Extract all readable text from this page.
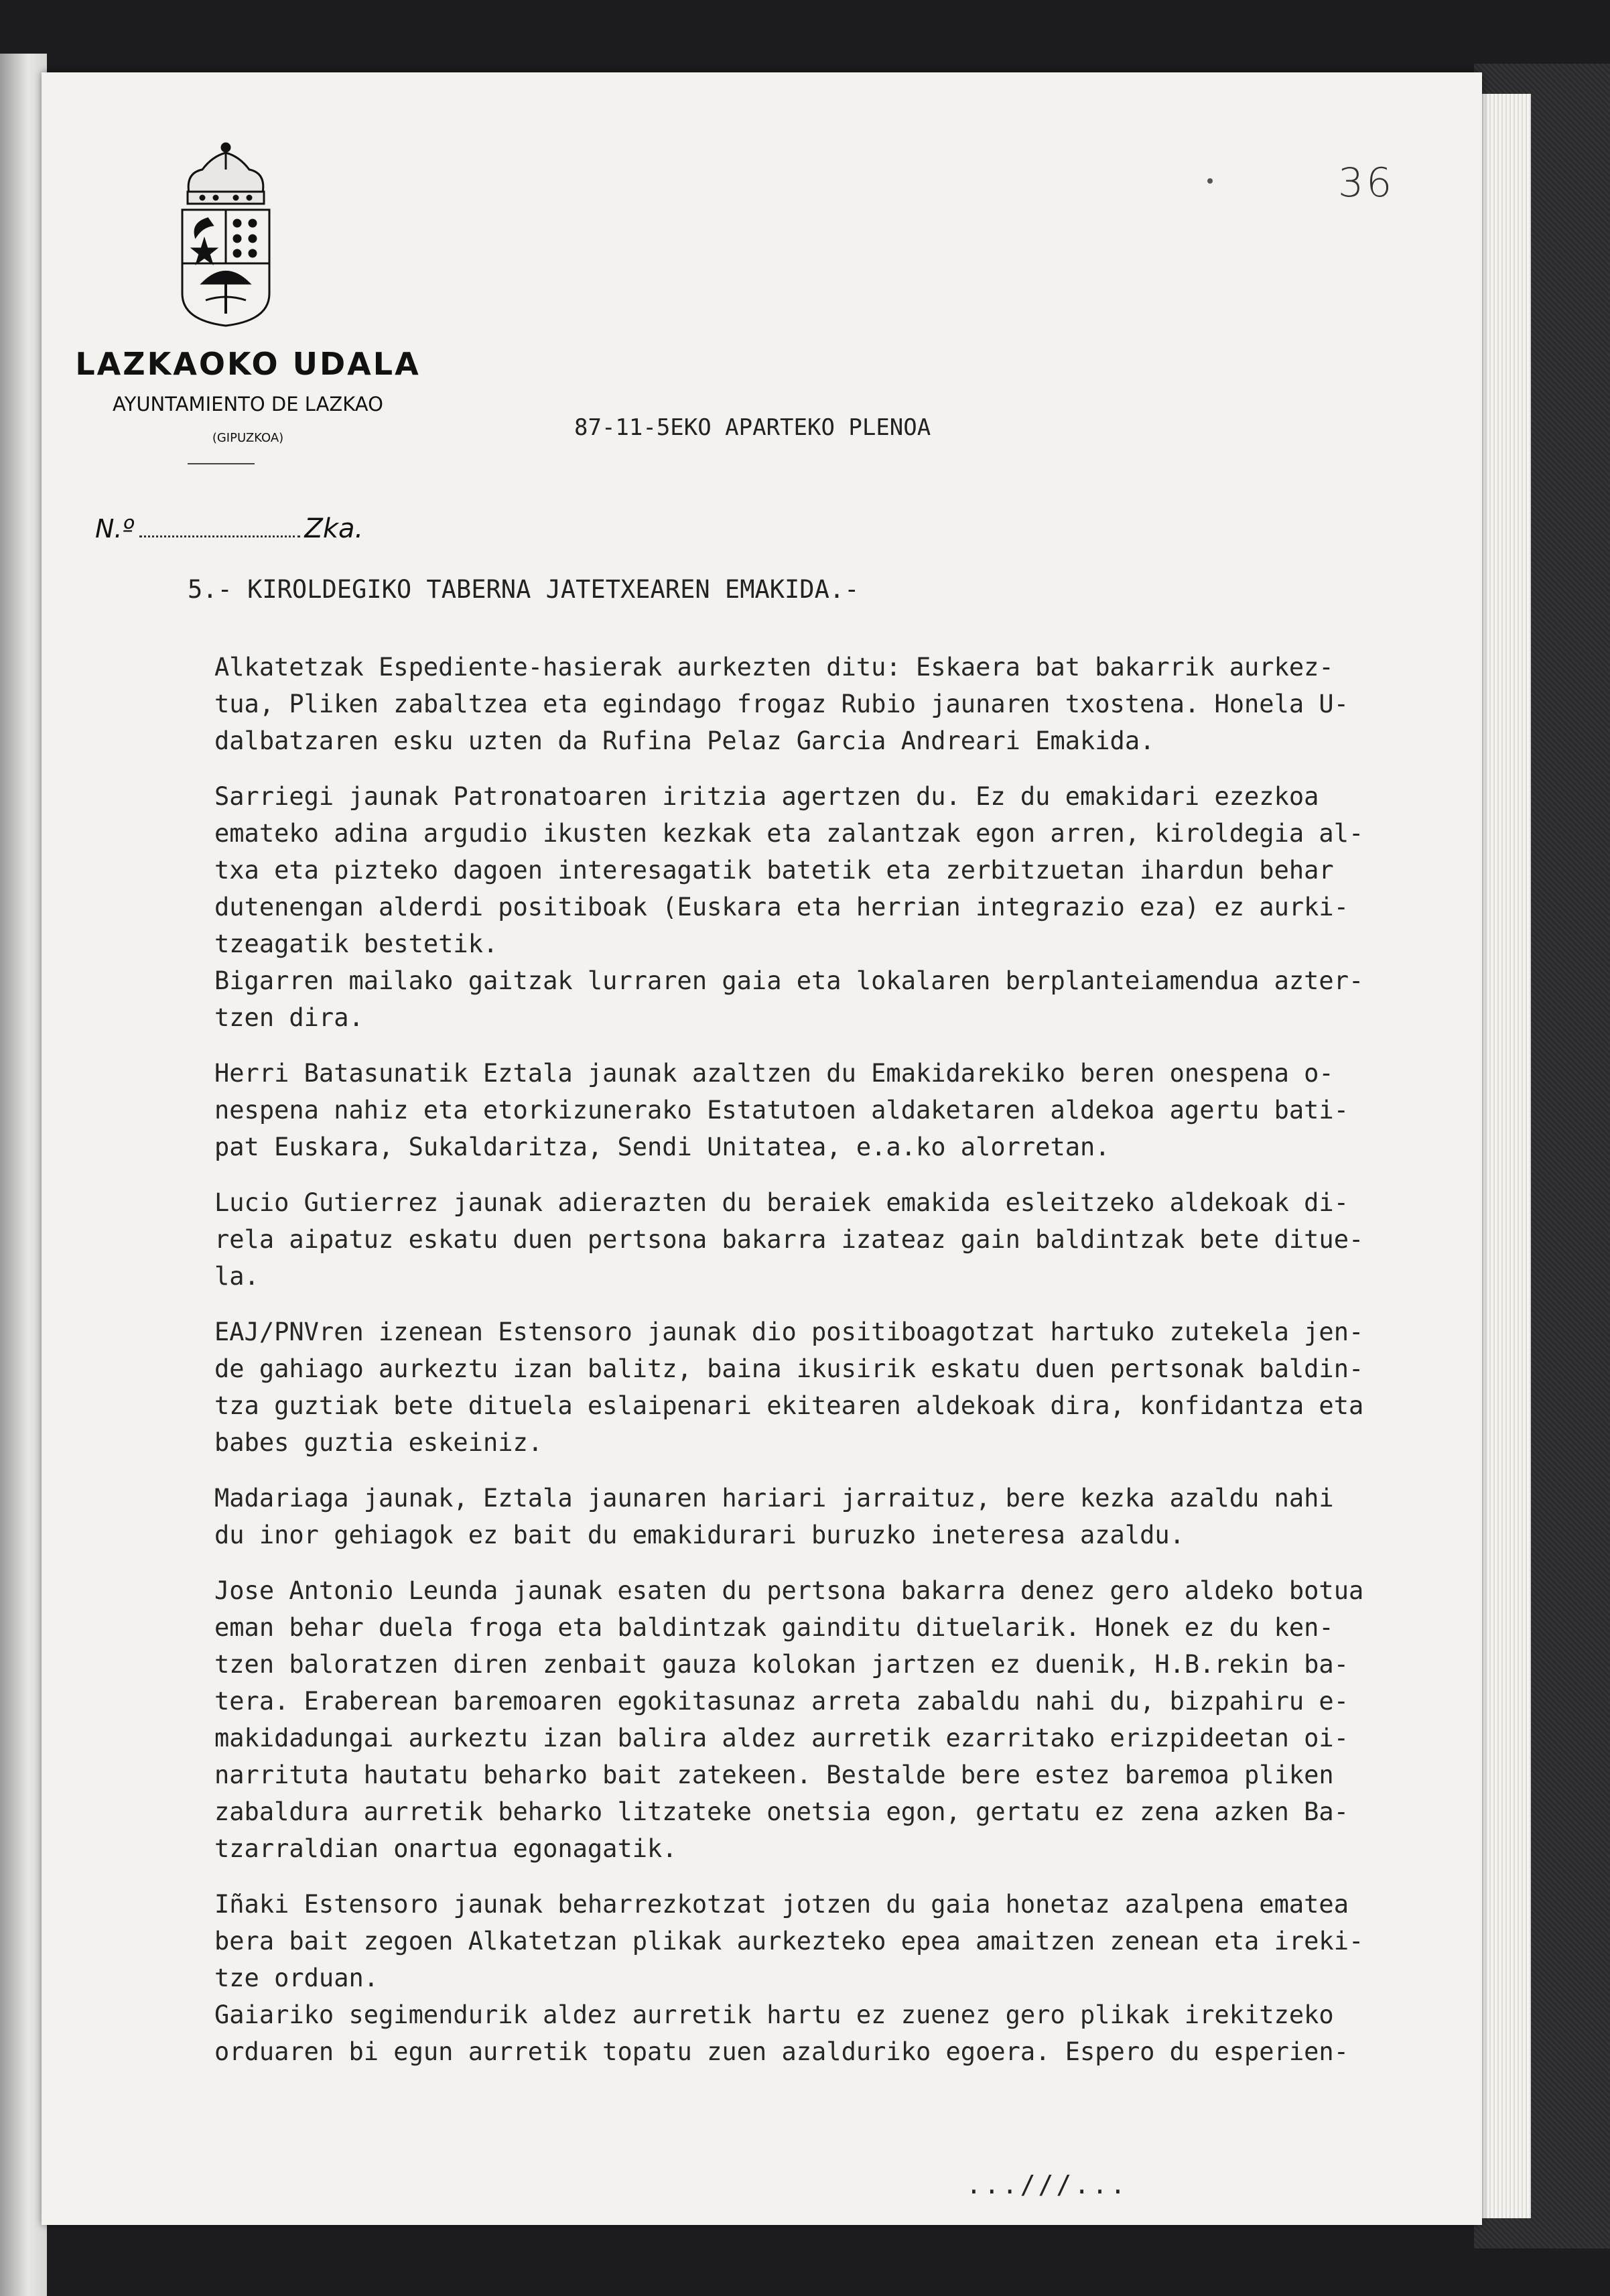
LAZKAOKO UDALA
AYUNTAMIENTO DE LAZKAO
(GIPUZKOA)
36
87-11-5EKO APARTEKO PLENOA
N.º	Zka.
5.- KIROLDEGIKO TABERNA JATETXEAREN EMAKIDA.-

Alkatetzak Espediente-hasierak aurkezten ditu: Eskaera bat bakarrik aurkez-
tua, Pliken zabaltzea eta egindago frogaz Rubio jaunaren txostena. Honela U-
dalbatzaren esku uzten da Rufina Pelaz Garcia Andreari Emakida.

Sarriegi jaunak Patronatoaren iritzia agertzen du. Ez du emakidari ezezkoa
emateko adina argudio ikusten kezkak eta zalantzak egon arren, kiroldegia al-
txa eta pizteko dagoen interesagatik batetik eta zerbitzuetan ihardun behar
dutenengan alderdi positiboak (Euskara eta herrian integrazio eza) ez aurki-
tzeagatik bestetik.
Bigarren mailako gaitzak lurraren gaia eta lokalaren berplanteiamendua azter-
tzen dira.

Herri Batasunatik Eztala jaunak azaltzen du Emakidarekiko beren onespena o-
nespena nahiz eta etorkizunerako Estatutoen aldaketaren aldekoa agertu bati-
pat Euskara, Sukaldaritza, Sendi Unitatea, e.a.ko alorretan.

Lucio Gutierrez jaunak adierazten du beraiek emakida esleitzeko aldekoak di-
rela aipatuz eskatu duen pertsona bakarra izateaz gain baldintzak bete ditue-
la.

EAJ/PNVren izenean Estensoro jaunak dio positiboagotzat hartuko zutekela jen-
de gahiago aurkeztu izan balitz, baina ikusirik eskatu duen pertsonak baldin-
tza guztiak bete dituela eslaipenari ekitearen aldekoak dira, konfidantza eta
babes guztia eskeiniz.

Madariaga jaunak, Eztala jaunaren hariari jarraituz, bere kezka azaldu nahi
du inor gehiagok ez bait du emakidurari buruzko ineteresa azaldu.

Jose Antonio Leunda jaunak esaten du pertsona bakarra denez gero aldeko botua
eman behar duela froga eta baldintzak gainditu dituelarik. Honek ez du ken-
tzen baloratzen diren zenbait gauza kolokan jartzen ez duenik, H.B.rekin ba-
tera. Eraberean baremoaren egokitasunaz arreta zabaldu nahi du, bizpahiru e-
makidadungai aurkeztu izan balira aldez aurretik ezarritako erizpideetan oi-
narrituta hautatu beharko bait zatekeen. Bestalde bere estez baremoa pliken
zabaldura aurretik beharko litzateke onetsia egon, gertatu ez zena azken Ba-
tzarraldian onartua egonagatik.

Iñaki Estensoro jaunak beharrezkotzat jotzen du gaia honetaz azalpena ematea
bera bait zegoen Alkatetzan plikak aurkezteko epea amaitzen zenean eta ireki-
tze orduan.
Gaiariko segimendurik aldez aurretik hartu ez zuenez gero plikak irekitzeko
orduaren bi egun aurretik topatu zuen azalduriko egoera. Espero du esperien-

...///...
